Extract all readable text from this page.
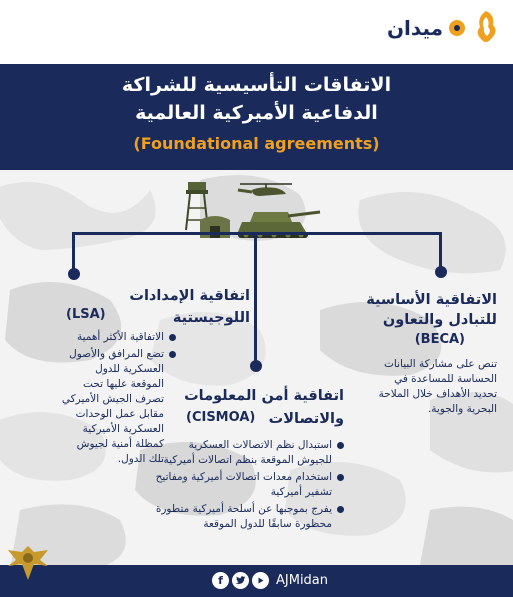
ميدان
الاتفاقات التأسيسية للشراكة
الدفاعية الأميركية العالمية
(Foundational agreements)
الاتفاقية الأساسية
للتبادل والتعاون
(BECA)
تنص على مشاركة البيانات
الحساسة للمساعدة في
تحديد الأهداف خلال الملاحة
البحرية والجوية.
اتفاقية الإمدادات
اللوجيستية
(LSA)
الاتفاقية الأكثر أهمية
تضع المرافق والأصول العسكرية للدول الموقعة عليها تحت تصرف الجيش الأميركي مقابل عمل الوحدات العسكرية الأميركية كمظلة أمنية لجيوش تلك الدول.
اتفاقية أمن المعلومات
والاتصالات
(CISMOA)
استبدال نظم الاتصالات العسكرية للجيوش الموقعة بنظم اتصالات أميركية
استخدام معدات اتصالات أميركية ومفاتيح تشفير أميركية
يفرج بموجبها عن أسلحة أميركية متطورة محظورة سابقًا للدول الموقعة
f	AJMidan
